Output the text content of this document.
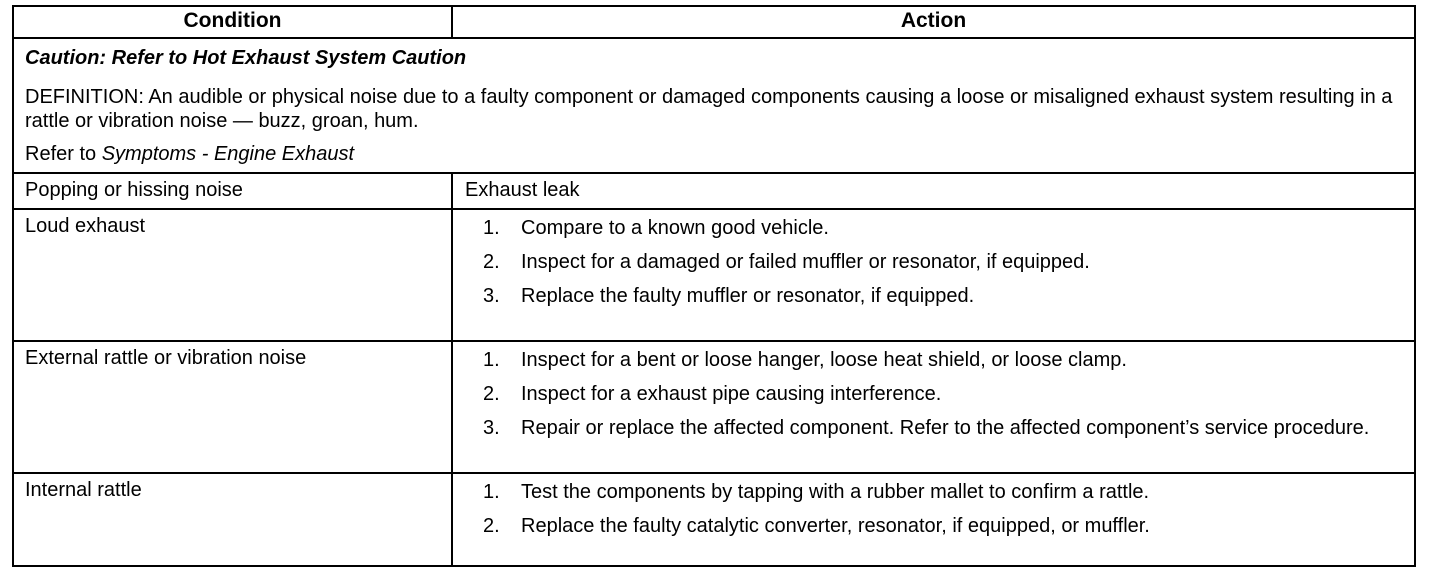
Condition	Action
Caution: Refer to Hot Exhaust System Caution
DEFINITION: An audible or physical noise due to a faulty component or damaged components causing a loose or misaligned exhaust system resulting in a rattle or vibration noise — buzz, groan, hum.
Refer to Symptoms - Engine Exhaust
Popping or hissing noise	Exhaust leak
Loud exhaust	1. Compare to a known good vehicle.
2. Inspect for a damaged or failed muffler or resonator, if equipped.
3. Replace the faulty muffler or resonator, if equipped.
External rattle or vibration noise	1. Inspect for a bent or loose hanger, loose heat shield, or loose clamp.
2. Inspect for a exhaust pipe causing interference.
3. Repair or replace the affected component. Refer to the affected component’s service procedure.
Internal rattle	1. Test the components by tapping with a rubber mallet to confirm a rattle.
2. Replace the faulty catalytic converter, resonator, if equipped, or muffler.
